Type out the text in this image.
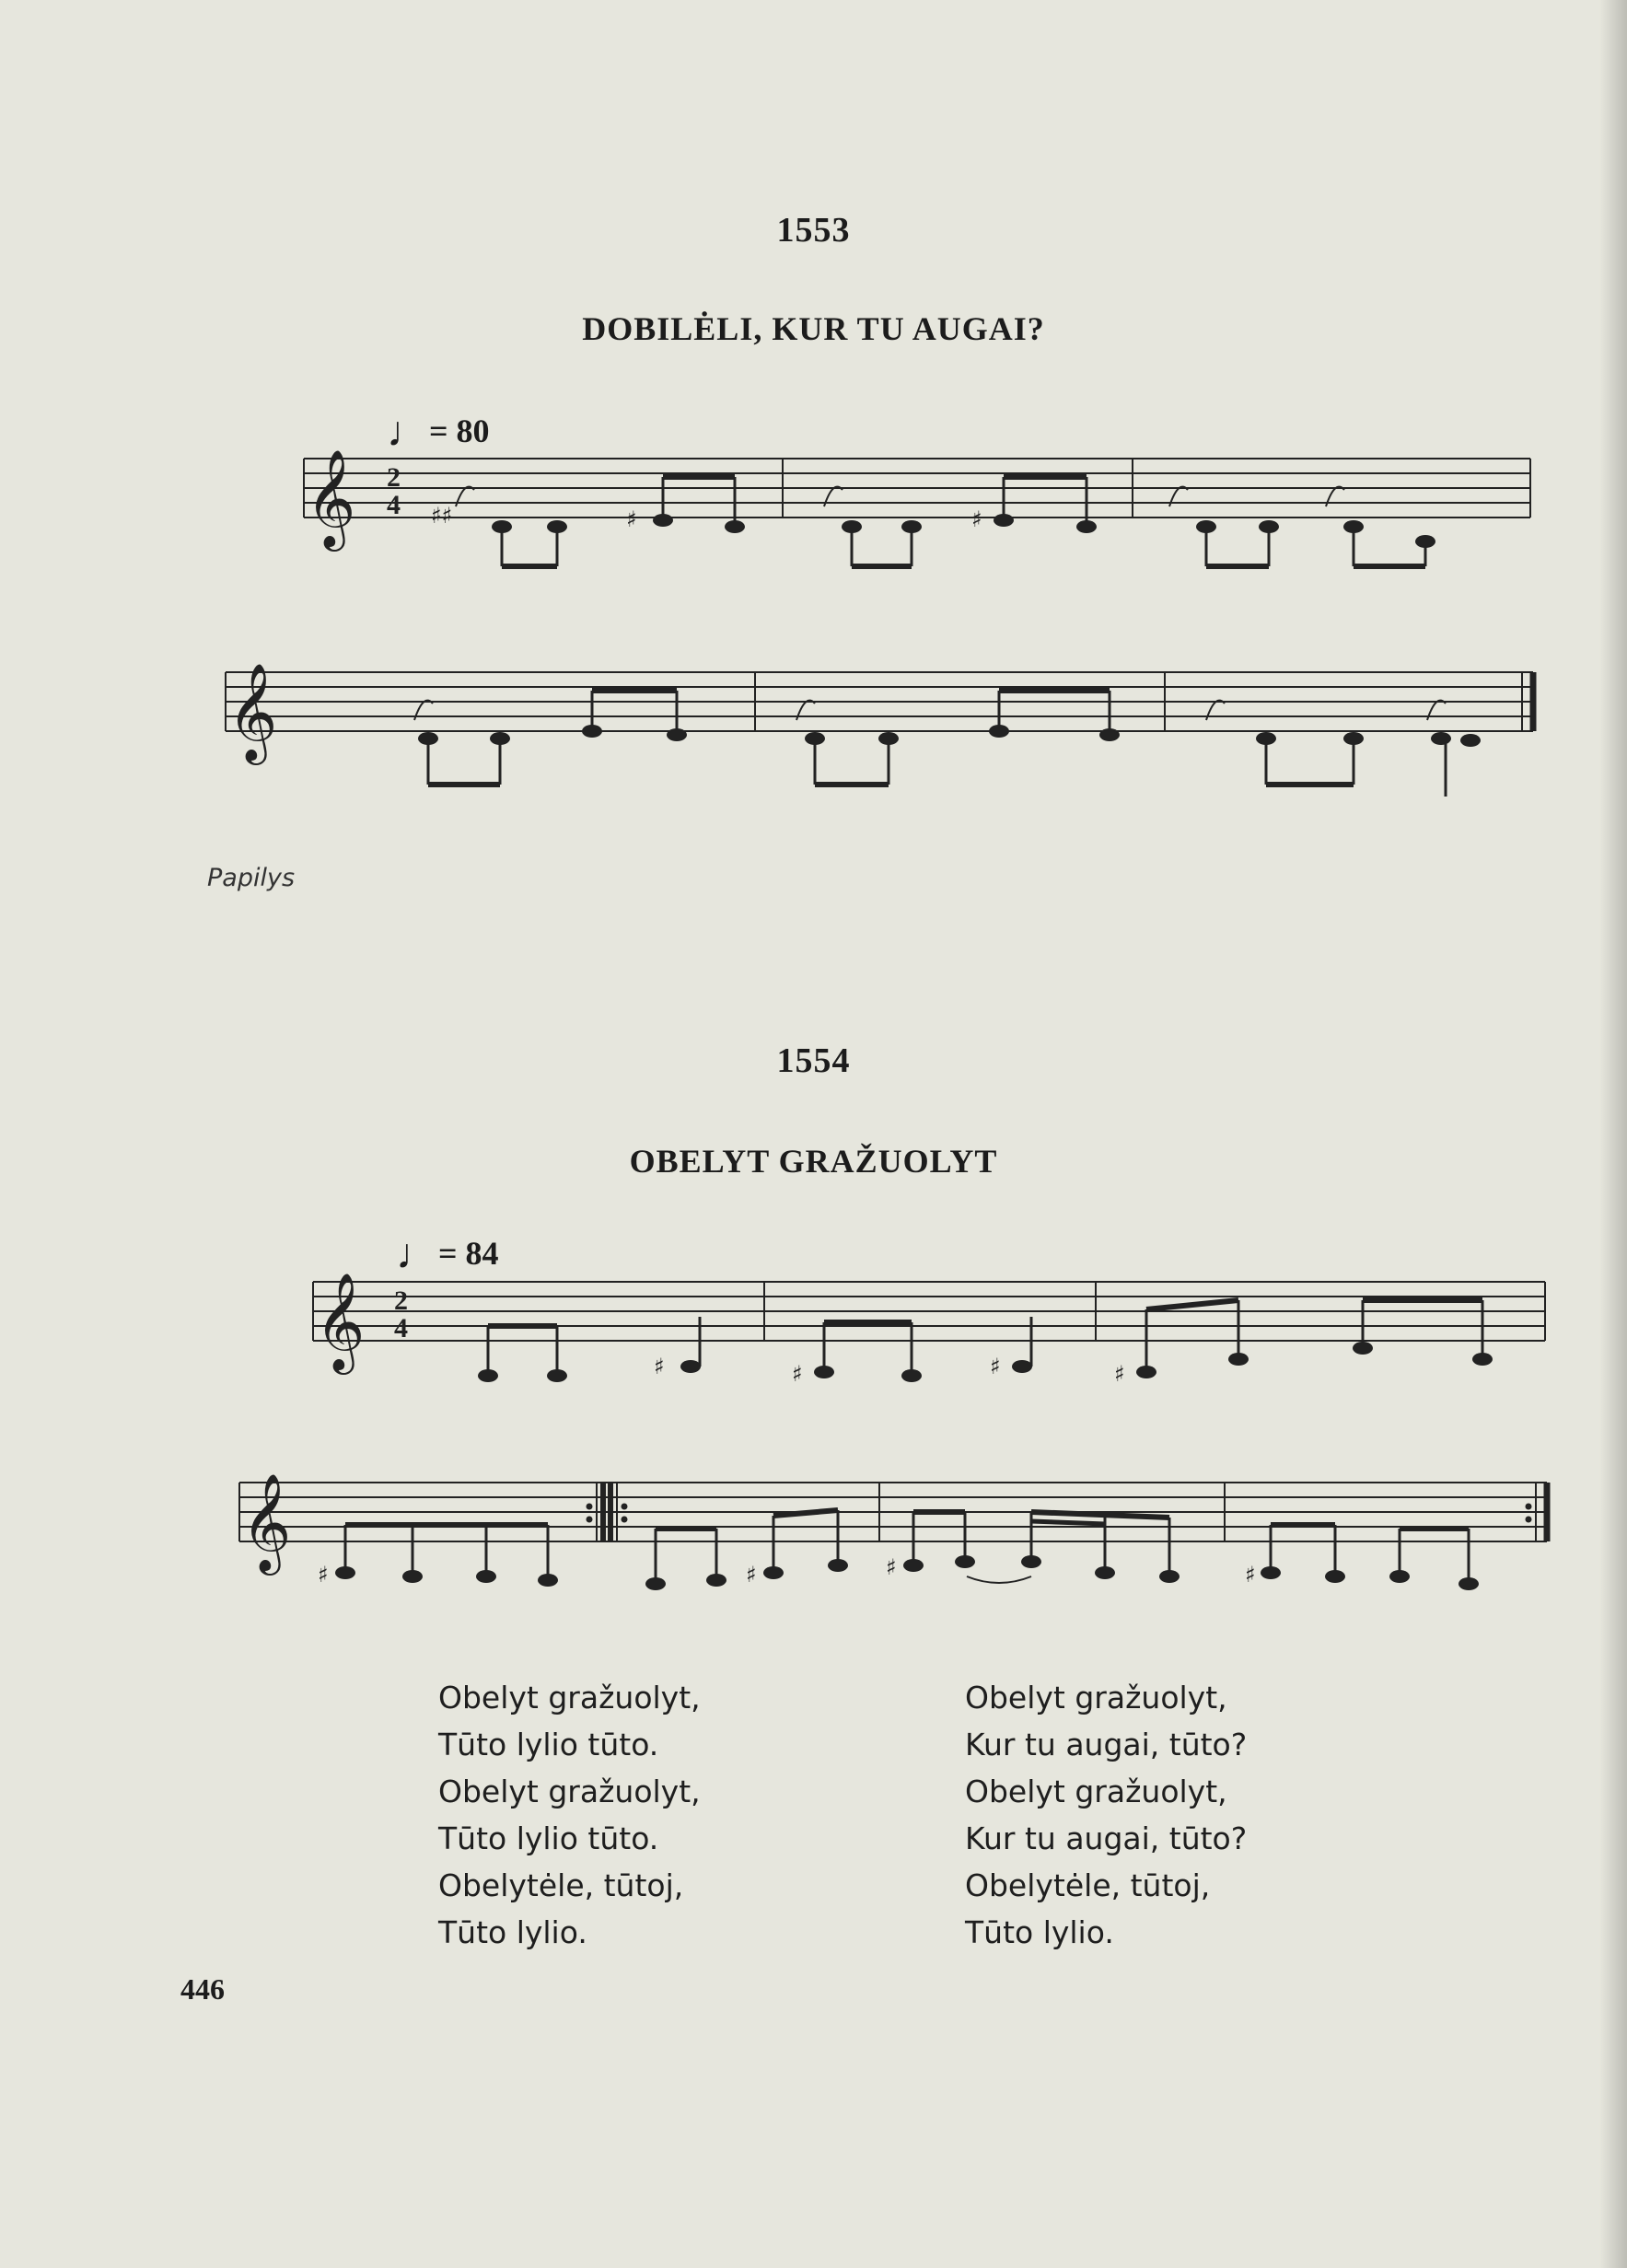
1553
DOBILĖLI, KUR TU AUGAI?
♩= 80
𝄞 2
4 ♯♯	♯	♯
𝄞
Papilys
1554
OBELYT GRAŽUOLYT
♩= 84
𝄞 2
4
♯	♯	♯	♯
𝄞
♯	♯	♯	♯
Obelyt gražuolyt,
Tūto lylio tūto.
Obelyt gražuolyt,
Tūto lylio tūto.
Obelytėle, tūtoj,
Tūto lylio.
Obelyt gražuolyt,
Kur tu augai, tūto?
Obelyt gražuolyt,
Kur tu augai, tūto?
Obelytėle, tūtoj,
Tūto lylio.
446
